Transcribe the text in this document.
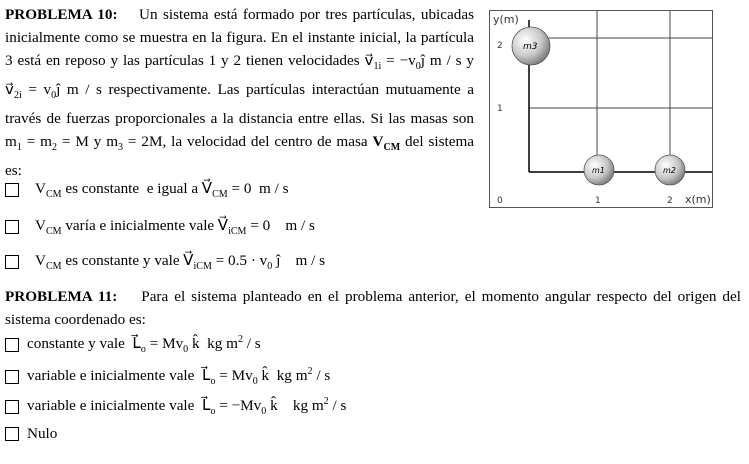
PROBLEMA 10:    Un sistema está formado por tres partículas, ubicadas inicialmente como se muestra en la figura. En el instante inicial, la partícula 3 está en reposo y las partículas 1 y 2 tienen velocidades $v⃗_{1i}$ = $-v_0ĵ$ m / s y $v⃗_{2i}$ = $v_0ĵ$ m / s respectivamente. Las partículas interactúan mutuamente a través de fuerzas proporcionales a la distancia entre ellas. Si las masas son $m_1 = m_2 = M$ y $m_3 = 2M$, la velocidad del centro de masa $V_{CM}$ del sistema es:

$V_{CM}$ es constante  e igual a $V⃗_{CM} = 0$  m / s
$V_{CM}$ varía e inicialmente vale $V⃗_{iCM} = 0$    m / s
$V_{CM}$ es constante y vale $V⃗_{iCM} = 0.5 \cdot v_0$ ĵ    m / s

PROBLEMA 11:    Para el sistema planteado en el problema anterior, el momento angular respecto del origen del sistema coordenado es:

constante y vale  $L⃗_o = Mv_0$ k̂  kg $m^2$ / s
variable e inicialmente vale  $L⃗_o = Mv_0$ k̂  kg $m^2$ / s
variable e inicialmente vale  $L⃗_o = -Mv_0$ k̂    kg $m^2$ / s
Nulo
y(m)
x(m)
0	1	2
1
2 m3
m1	m2
